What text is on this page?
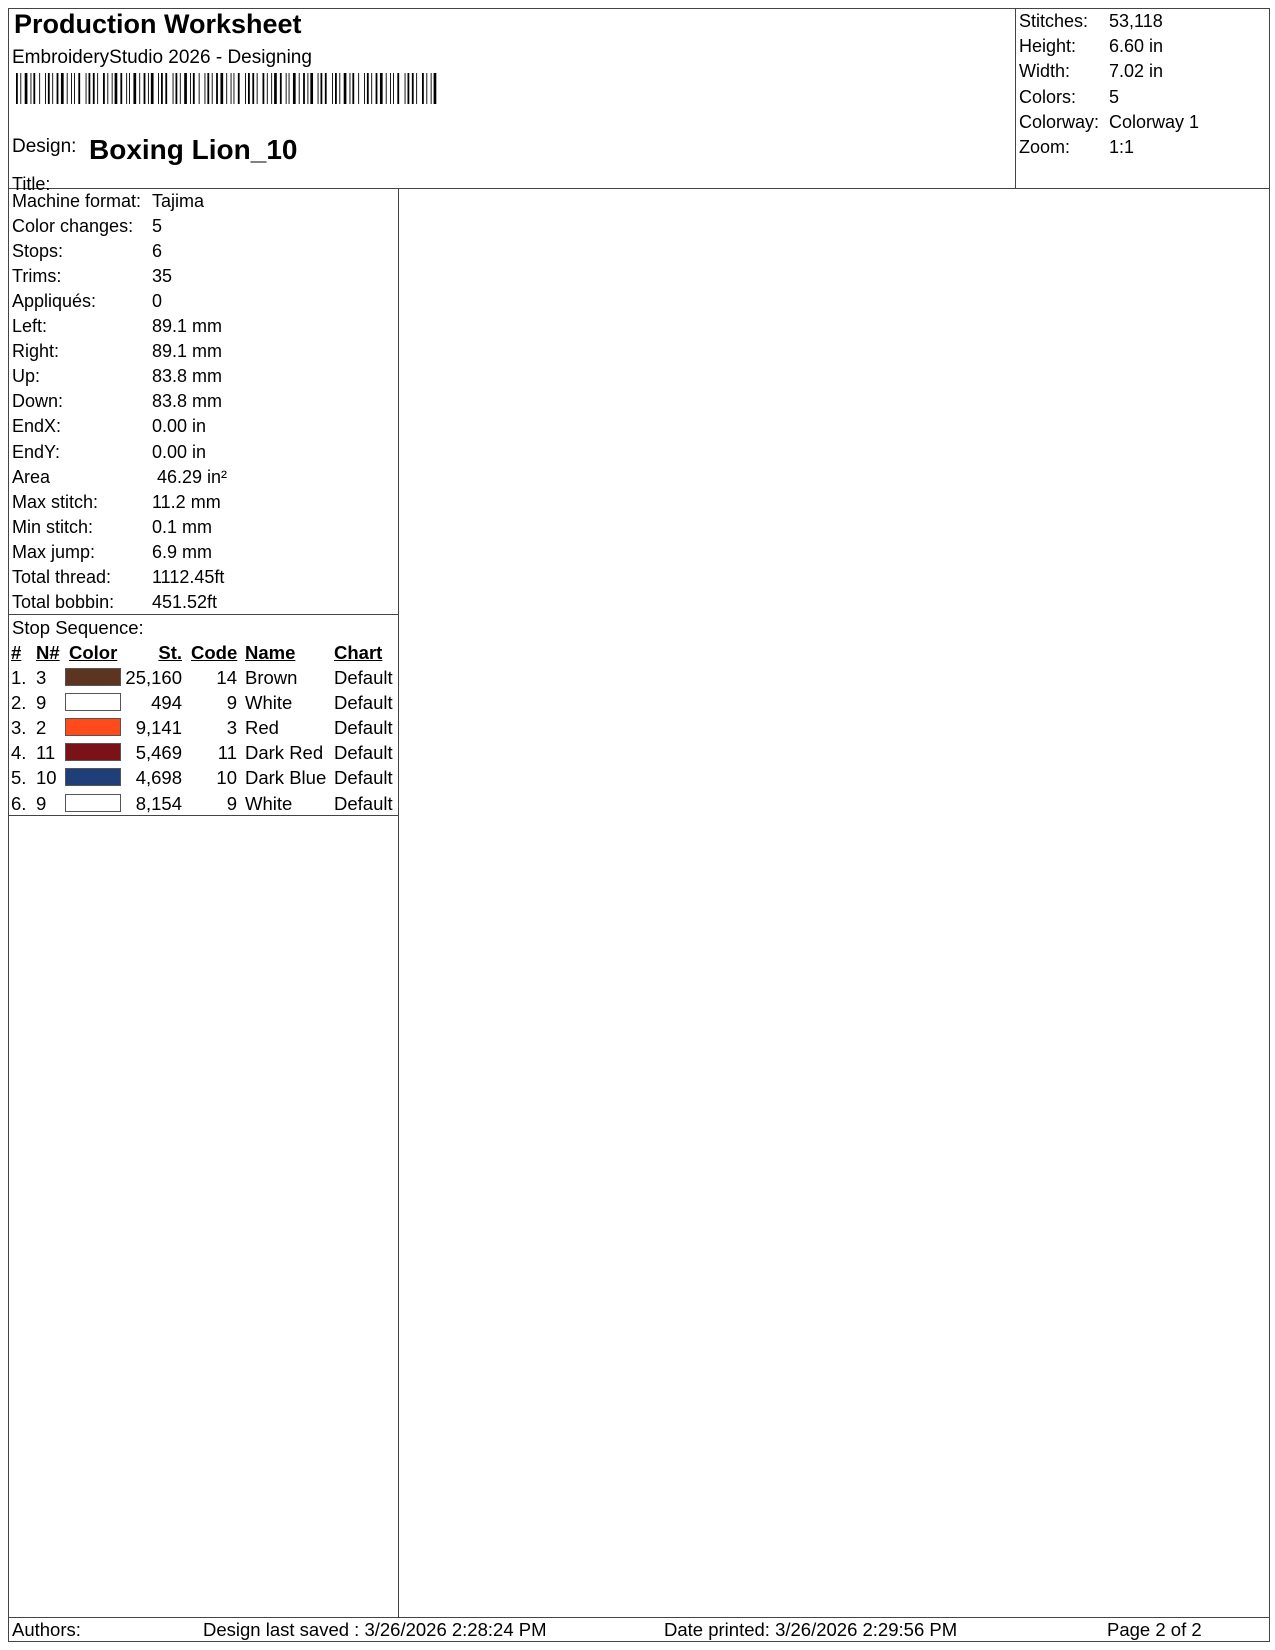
Production Worksheet
EmbroideryStudio 2026 - Designing
Design: Boxing Lion_10
Title:
Stitches: 53,118
Height: 6.60 in
Width: 7.02 in
Colors: 5
Colorway: Colorway 1
Zoom: 1:1
Machine format: Tajima
Color changes: 5
Stops:	6
Trims:	35
Appliqués:	0
Left:	89.1 mm
Right:	89.1 mm
Up:	83.8 mm
Down:	83.8 mm
EndX:	0.00 in
EndY:	0.00 in
Area	46.29 in²
Max stitch:	11.2 mm
Min stitch:	0.1 mm
Max jump:	6.9 mm
Total thread: 1112.45ft
Total bobbin: 451.52ft
Stop Sequence:
# N# Color	St. Code Name Chart
1. 3	25,160	14 Brown Default
2. 9	494	9 White Default
3. 2	9,141	3 Red	Default
4. 11	5,469	11 Dark Red Default
5. 10	4,698	10 Dark Blue Default
6. 9	8,154	9 White Default
Authors:	Design last saved : 3/26/2026 2:28:24 PM	Date printed: 3/26/2026 2:29:56 PM	Page 2 of 2
